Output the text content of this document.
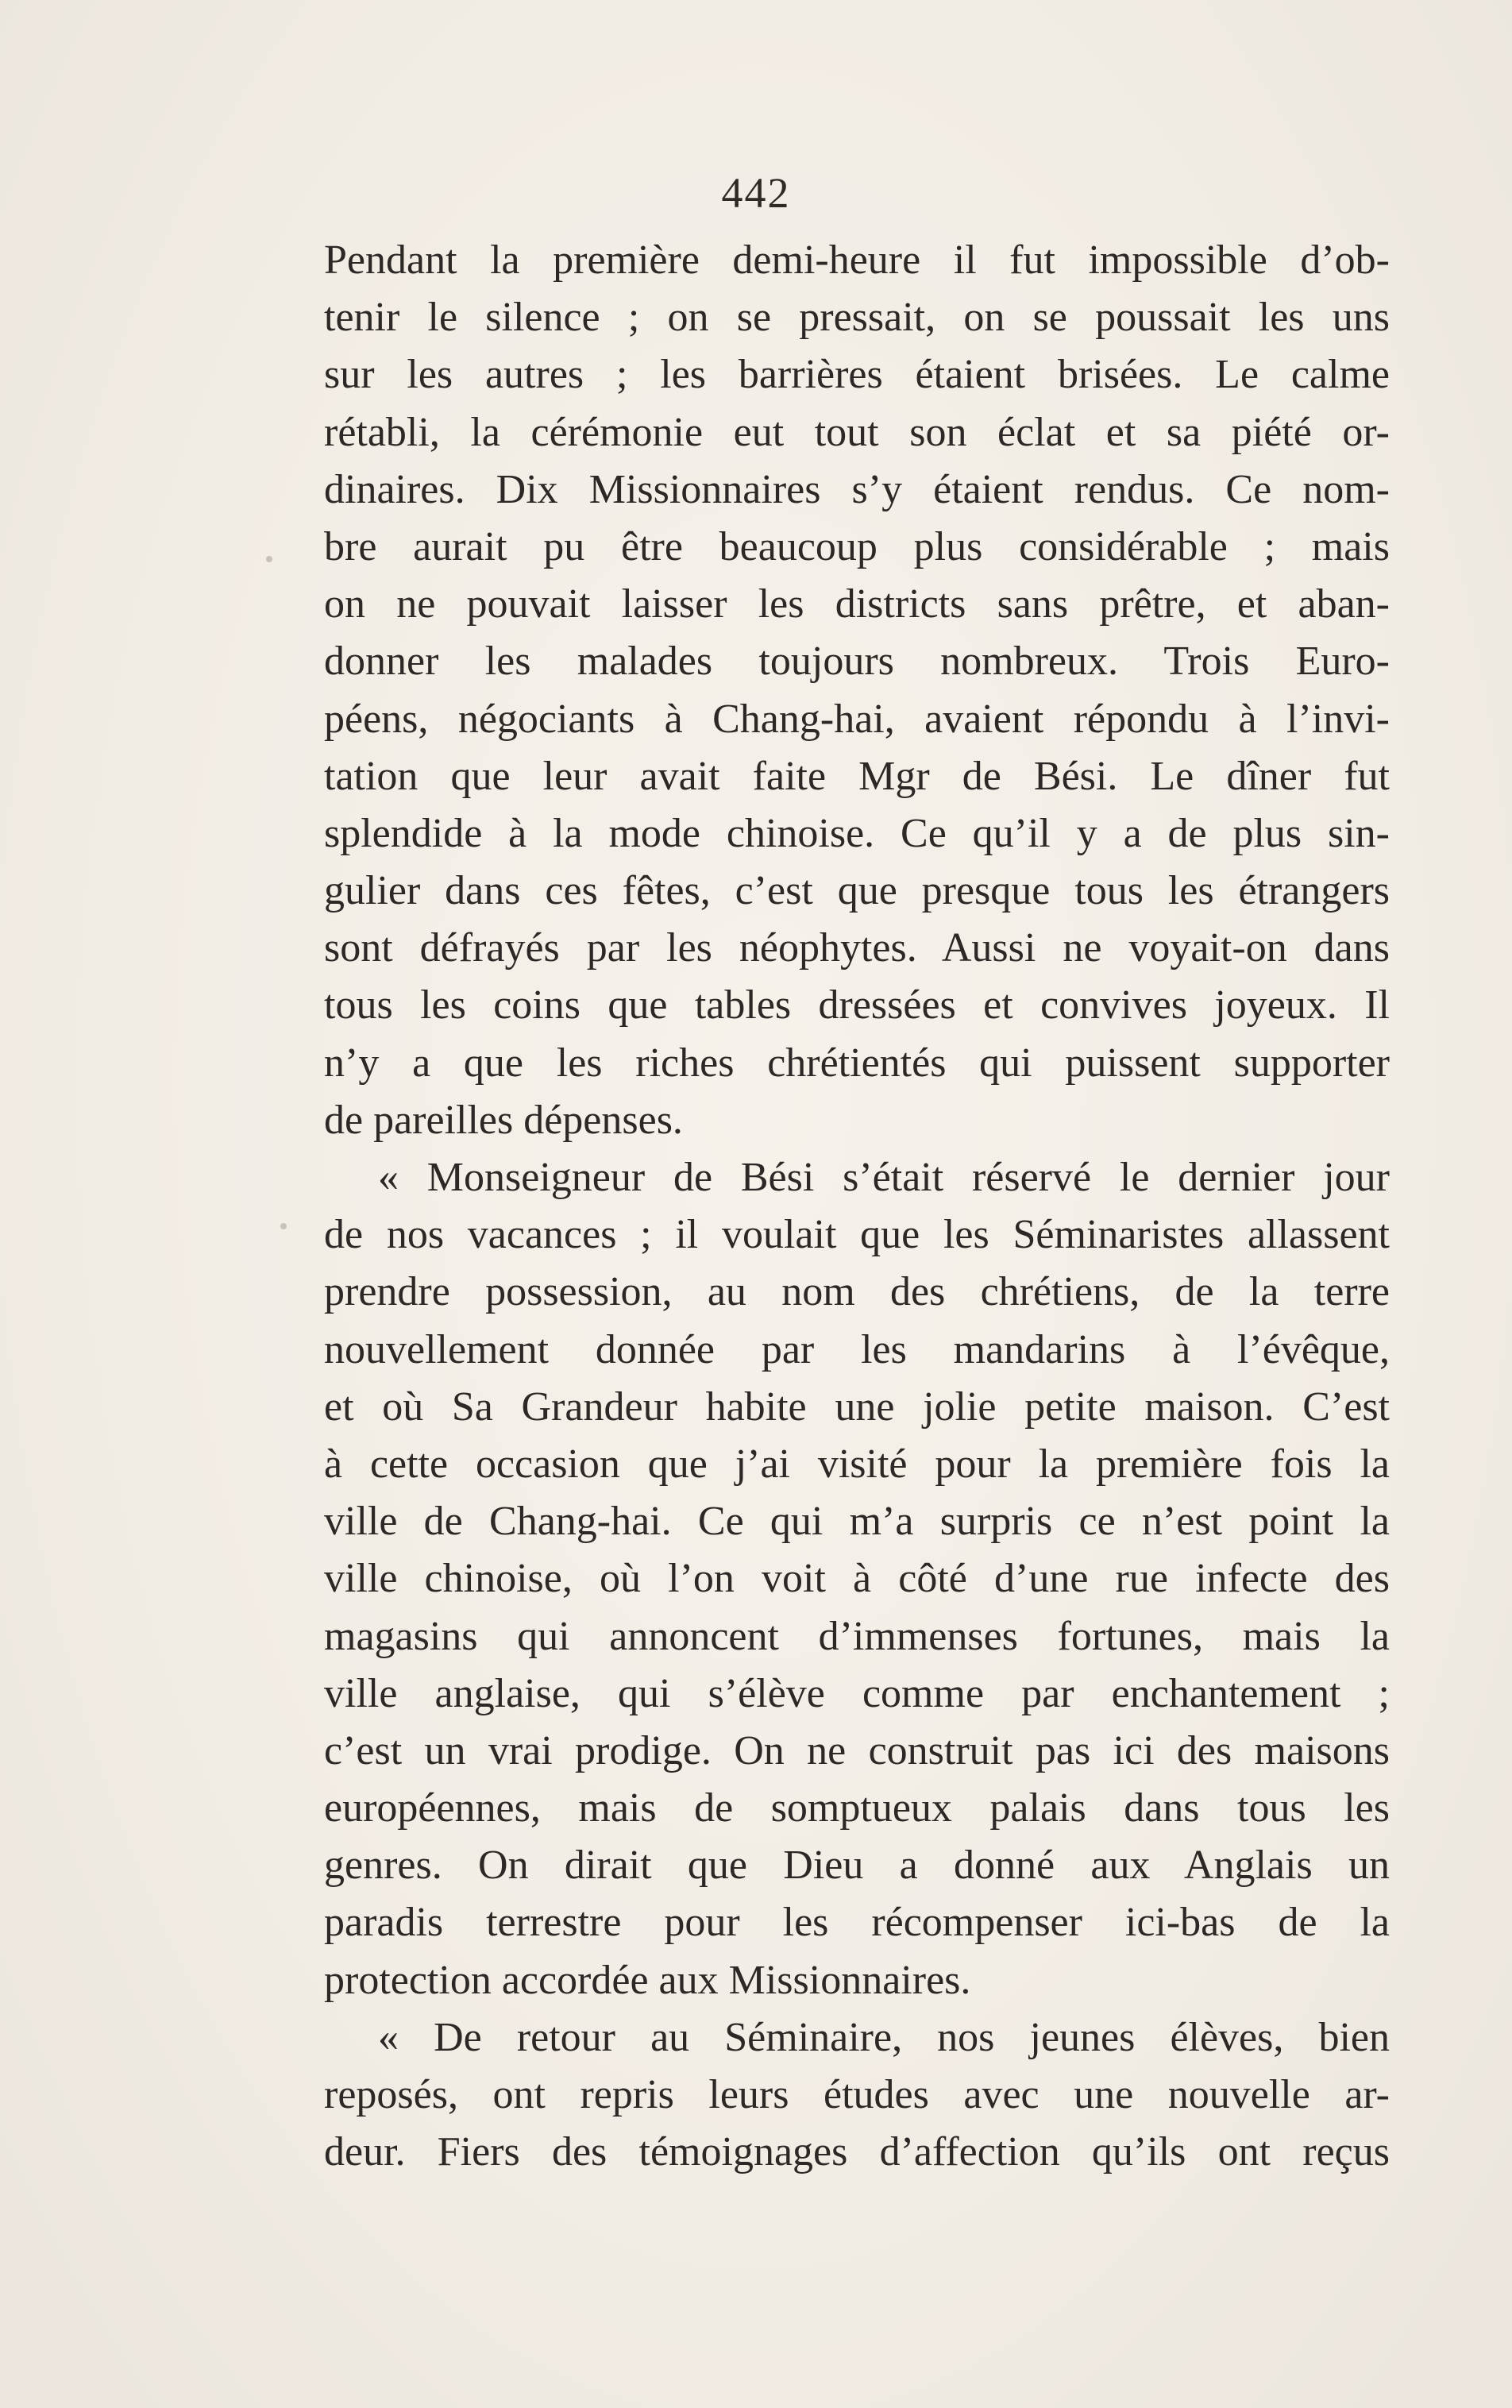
442
Pendant la première demi-heure il fut impossible d’ob-
tenir le silence ; on se pressait, on se poussait les uns
sur les autres ; les barrières étaient brisées. Le calme
rétabli, la cérémonie eut tout son éclat et sa piété or-
dinaires. Dix Missionnaires s’y étaient rendus. Ce nom-
bre aurait pu être beaucoup plus considérable ; mais
on ne pouvait laisser les districts sans prêtre, et aban-
donner les malades toujours nombreux. Trois Euro-
péens, négociants à Chang-hai, avaient répondu à l’invi-
tation que leur avait faite Mgr de Bési. Le dîner fut
splendide à la mode chinoise. Ce qu’il y a de plus sin-
gulier dans ces fêtes, c’est que presque tous les étrangers
sont défrayés par les néophytes. Aussi ne voyait-on dans
tous les coins que tables dressées et convives joyeux. Il
n’y a que les riches chrétientés qui puissent supporter
de pareilles dépenses.
« Monseigneur de Bési s’était réservé le dernier jour
de nos vacances ; il voulait que les Séminaristes allassent
prendre possession, au nom des chrétiens, de la terre
nouvellement donnée par les mandarins à l’évêque,
et où Sa Grandeur habite une jolie petite maison. C’est
à cette occasion que j’ai visité pour la première fois la
ville de Chang-hai. Ce qui m’a surpris ce n’est point la
ville chinoise, où l’on voit à côté d’une rue infecte des
magasins qui annoncent d’immenses fortunes, mais la
ville anglaise, qui s’élève comme par enchantement ;
c’est un vrai prodige. On ne construit pas ici des maisons
européennes, mais de somptueux palais dans tous les
genres. On dirait que Dieu a donné aux Anglais un
paradis terrestre pour les récompenser ici-bas de la
protection accordée aux Missionnaires.
« De retour au Séminaire, nos jeunes élèves, bien
reposés, ont repris leurs études avec une nouvelle ar-
deur. Fiers des témoignages d’affection qu’ils ont reçus
